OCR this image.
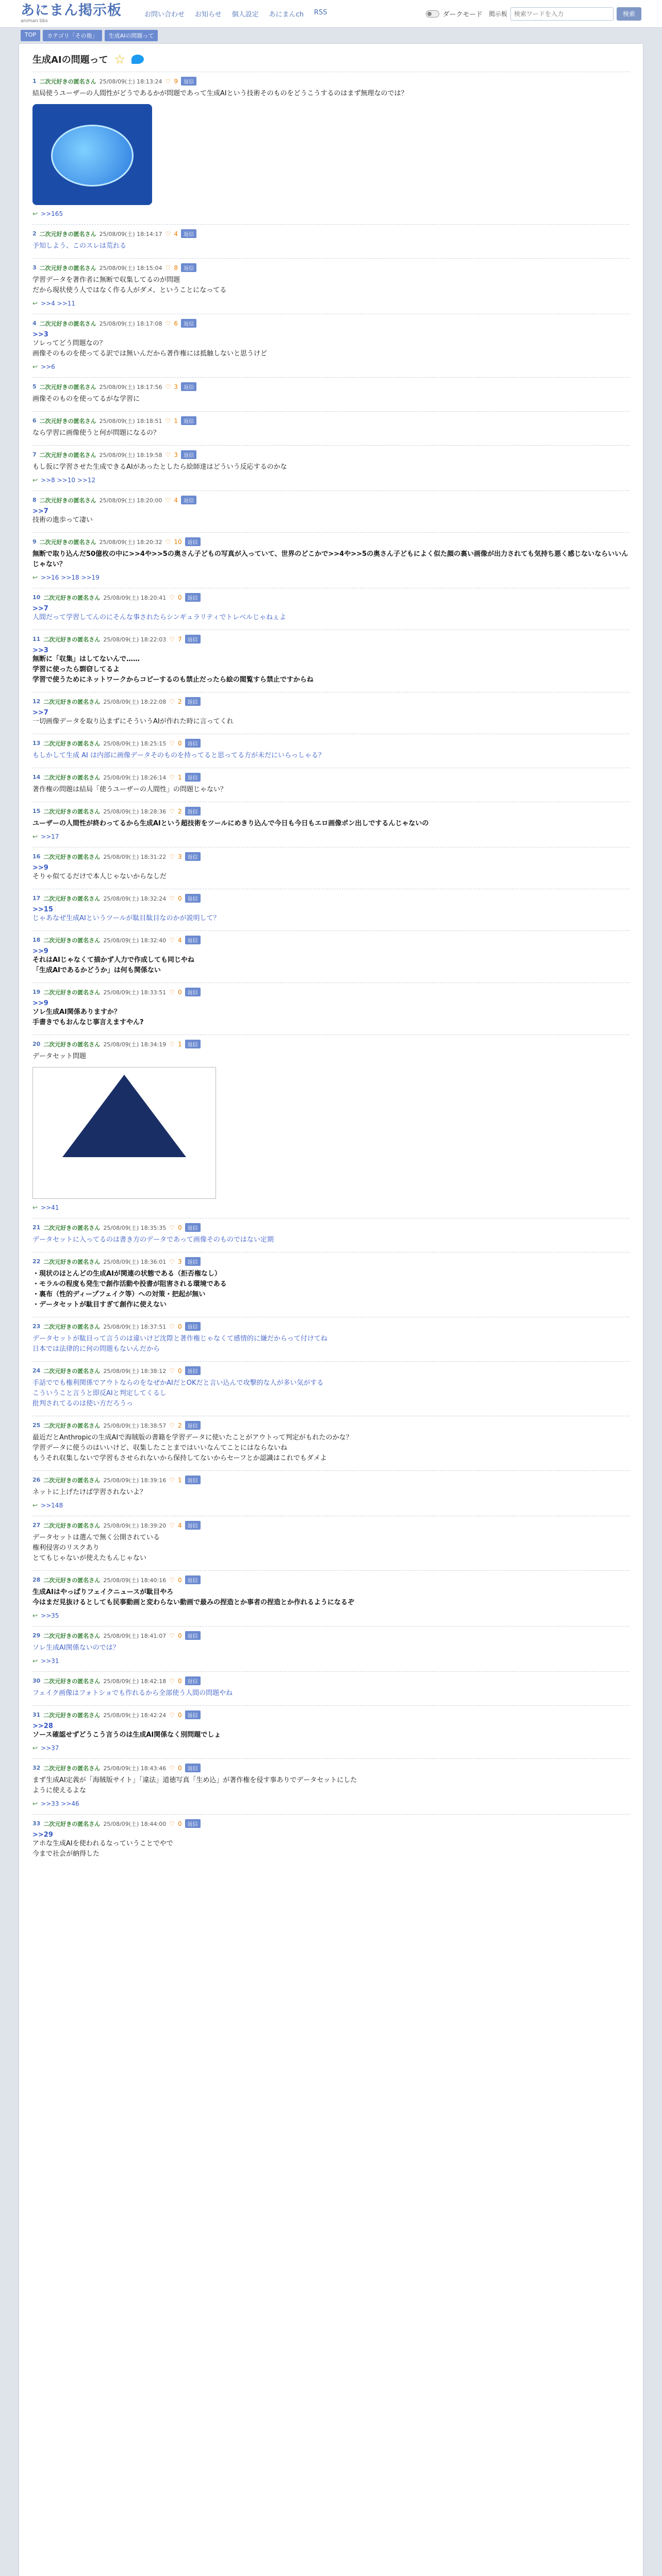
あにまん掲示板
animan bbs
お問い合わせ お知らせ 個人設定 あにまんch RSS	ダークモード 掲示板
検索ワードを入力	検索
TOP	カテゴリ「その他」	生成AIの問題って
生成AIの問題って ☆
1 二次元好きの匿名さん 25/08/09(土) 18:13:24 ♡ 9	返信
結局使うユーザーの人間性がどうであるかが問題であって生成AIという技術そのものをどうこうするのはまず無理なのでは？
↩ >>165
2 二次元好きの匿名さん 25/08/09(土) 18:14:17 ♡ 4	返信
予知しよう、このスレは荒れる
3 二次元好きの匿名さん 25/08/09(土) 18:15:04 ♡ 8	返信
学習データを著作者に無断で収集してるのが問題
だから現状使う人ではなく作る人がダメ、ということになってる
↩ >>4 >>11
4 二次元好きの匿名さん 25/08/09(土) 18:17:08 ♡ 6	返信
>>3
ソレってどう問題なの？
画像そのものを使ってる訳では無いんだから著作権には抵触しないと思うけど
↩ >>6
5 二次元好きの匿名さん 25/08/09(土) 18:17:56 ♡ 3	返信
画像そのものを使ってるがな学習に
6 二次元好きの匿名さん 25/08/09(土) 18:18:51 ♡ 1	返信
なら学習に画像使うと何が問題になるの？
7 二次元好きの匿名さん 25/08/09(土) 18:19:58 ♡ 3	返信
もし仮に学習させた生成できるAIがあったとしたら絵師達はどういう反応するのかな
↩ >>8 >>10 >>12
8 二次元好きの匿名さん 25/08/09(土) 18:20:00 ♡ 4	返信
>>7
技術の進歩って凄い
9 二次元好きの匿名さん 25/08/09(土) 18:20:32 ♡ 10	返信
無断で取り込んだ50億枚の中に>>4や>>5の奥さん子どもの写真が入っていて、世界のどこかで>>4や>>5の奥さん子どもによく似た顔の裏い画像が出力されても気持ち悪く感じないならいいんじゃない？
↩ >>16 >>18 >>19
10 二次元好きの匿名さん 25/08/09(土) 18:20:41 ♡ 0	返信
>>7
人間だって学習してんのにそんな事されたらシンギュラリティでトレベルじゃねぇよ
11 二次元好きの匿名さん 25/08/09(土) 18:22:03 ♡ 7	返信
>>3
無断に「収集」はしてないんで……
学習に使ったら剽窃してるよ
学習で使うためにネットワークからコピーするのも禁止だったら絵の閲覧すら禁止ですからね
12 二次元好きの匿名さん 25/08/09(土) 18:22:08 ♡ 2	返信
>>7
一切画像データを取り込まずにそういうAIが作れた時に言ってくれ
13 二次元好きの匿名さん 25/08/09(土) 18:25:15 ♡ 0	返信
もしかして生成 AI は内部に画像データそのものを持ってると思ってる方が未だにいらっしゃる？
14 二次元好きの匿名さん 25/08/09(土) 18:26:14 ♡ 1	返信
著作権の問題は結局「使うユーザーの人間性」の問題じゃない？
15 二次元好きの匿名さん 25/08/09(土) 18:28:36 ♡ 2	返信
ユーザーの人間性が終わってるから生成AIという超技術をツールにめきり込んで今日も今日もエロ画像ポン出しでするんじゃないの
↩ >>17
16 二次元好きの匿名さん 25/08/09(土) 18:31:22 ♡ 3	返信
>>9
そりゃ似てるだけで本人じゃないからなしだ
17 二次元好きの匿名さん 25/08/09(土) 18:32:24 ♡ 0	返信
>>15
じゃあなぜ生成AIというツールが駄目駄目なのかが説明して？
18 二次元好きの匿名さん 25/08/09(土) 18:32:40 ♡ 4	返信
>>9
それはAIじゃなくて描かず人力で作成しても同じやね
「生成AIであるかどうか」は何も関係ない
19 二次元好きの匿名さん 25/08/09(土) 18:33:51 ♡ 0	返信
>>9
ソレ生成AI関係ありますか？
手書きでもおんなじ事言えますやん?
20 二次元好きの匿名さん 25/08/09(土) 18:34:19 ♡ 1	返信
データセット問題
↩ >>41
21 二次元好きの匿名さん 25/08/09(土) 18:35:35 ♡ 0	返信
データセットに入ってるのは書き方のデータであって画像そのものではない定期
22 二次元好きの匿名さん 25/08/09(土) 18:36:01 ♡ 3	返信
・現状のほとんどの生成AIが関連の状態である（拒否権なし）
・モラルの程度も発生で創作活動や投書が阻害される環境である
・裏布（性的ディープフェイク等）への対策・把起が無い
・データセットが駄目すぎて創作に使えない
23 二次元好きの匿名さん 25/08/09(土) 18:37:51 ♡ 0	返信
データセットが駄目って言うのは違いけど沈際と著作権じゃなくて感情的に嫌だからって付けてね
日本では法律的に何の問題もないんだから
24 二次元好きの匿名さん 25/08/09(土) 18:38:12 ♡ 0	返信
手話ででも権利関係でアウトならのをなぜかAIだとOKだと言い込んで攻撃的な人が多い気がする
こういうこと言うと即反AIと判定してくるし
批判されてるのは使い方だろうっ
25 二次元好きの匿名さん 25/08/09(土) 18:38:57 ♡ 2	返信
最近だとAnthropicの生成AIで海賊版の書籍を学習データに使いたことがアウトって判定がもれたのかな？
学習データに使うのはいいけど、収集したことまではいいなんてことにはならないね
もうそれ収集しないで学習もさせられないから保持してないからセーフとか認識はこれでもダメよ
26 二次元好きの匿名さん 25/08/09(土) 18:39:16 ♡ 1	返信
ネットに上げたけば学習されないよ？
↩ >>148
27 二次元好きの匿名さん 25/08/09(土) 18:39:20 ♡ 4	返信
データセットは選んで無く公開されている
権利侵害のリスクあり
とてもじゃないが使えたもんじゃない
28 二次元好きの匿名さん 25/08/09(土) 18:40:16 ♡ 0	返信
生成AIはやっぱりフェイクニュースが駄目やろ
今はまだ見抜けるとしても民事動画と変わらない動画で最みの捏造とか事者の捏造とか作れるようになるぞ
↩ >>35
29 二次元好きの匿名さん 25/08/09(土) 18:41:07 ♡ 0	返信
ソレ生成AI関係ないのでは？
↩ >>31
30 二次元好きの匿名さん 25/08/09(土) 18:42:18 ♡ 0	返信
フェイク画像はフォトショでも作れるから全部使う人間の問題やね
31 二次元好きの匿名さん 25/08/09(土) 18:42:24 ♡ 0	返信
>>28
ソース確認せずどうこう言うのは生成AI関係なく別問題でしょ
↩ >>37
32 二次元好きの匿名さん 25/08/09(土) 18:43:46 ♡ 0	返信
まず生成AI定義が「海賊版サイト」「違法」道徳写真「生め込」が著作権を侵す事ありでデータセットにした
ように使えるよな
↩ >>33 >>46
33 二次元好きの匿名さん 25/08/09(土) 18:44:00 ♡ 0	返信
>>29
アホな生成AIを使われるなっていうことでやで
今まで社会が納得した
